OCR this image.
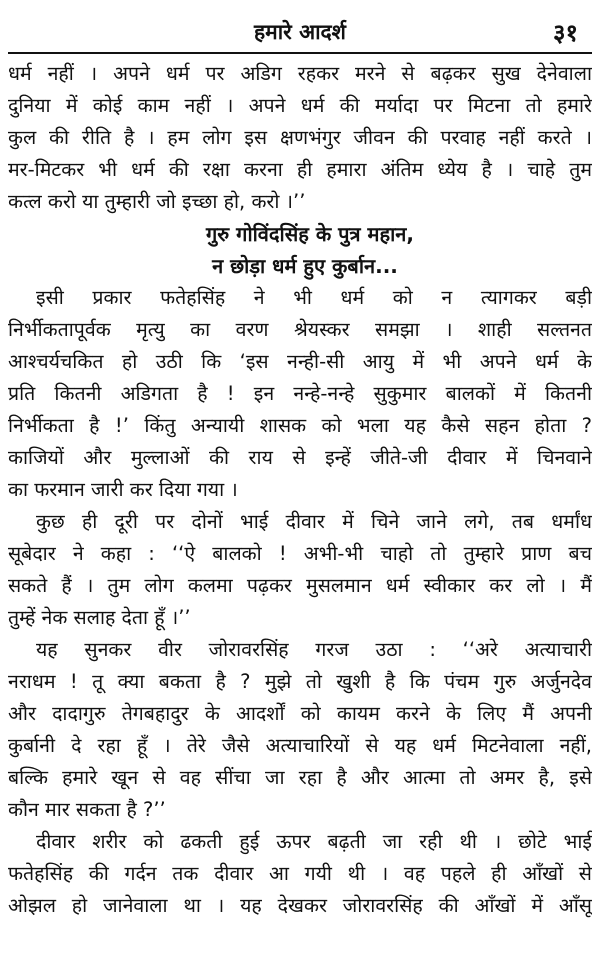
हमारे आदर्श	३१
धर्म नहीं । अपने धर्म पर अडिग रहकर मरने से बढ़कर सुख देनेवाला
दुनिया में कोई काम नहीं । अपने धर्म की मर्यादा पर मिटना तो हमारे
कुल की रीति है । हम लोग इस क्षणभंगुर जीवन की परवाह नहीं करते ।
मर-मिटकर भी धर्म की रक्षा करना ही हमारा अंतिम ध्येय है । चाहे तुम
कत्ल करो या तुम्हारी जो इच्छा हो, करो ।’’
गुरु गोविंदसिंह के पुत्र महान,
न छोड़ा धर्म हुए कुर्बान...
इसी प्रकार फतेहसिंह ने भी धर्म को न त्यागकर बड़ी
निर्भीकतापूर्वक मृत्यु का वरण श्रेयस्कर समझा । शाही सल्तनत
आश्चर्यचकित हो उठी कि ‘इस नन्ही-सी आयु में भी अपने धर्म के
प्रति कितनी अडिगता है ! इन नन्हे-नन्हे सुकुमार बालकों में कितनी
निर्भीकता है !’ किंतु अन्यायी शासक को भला यह कैसे सहन होता ?
काजियों और मुल्लाओं की राय से इन्हें जीते-जी दीवार में चिनवाने
का फरमान जारी कर दिया गया ।
कुछ ही दूरी पर दोनों भाई दीवार में चिने जाने लगे, तब धर्मांध
सूबेदार ने कहा : ‘‘ऐ बालको ! अभी-भी चाहो तो तुम्हारे प्राण बच
सकते हैं । तुम लोग कलमा पढ़कर मुसलमान धर्म स्वीकार कर लो । मैं
तुम्हें नेक सलाह देता हूँ ।’’
यह सुनकर वीर जोरावरसिंह गरज उठा : ‘‘अरे अत्याचारी
नराधम ! तू क्या बकता है ? मुझे तो खुशी है कि पंचम गुरु अर्जुनदेव
और दादागुरु तेगबहादुर के आदर्शों को कायम करने के लिए मैं अपनी
कुर्बानी दे रहा हूँ । तेरे जैसे अत्याचारियों से यह धर्म मिटनेवाला नहीं,
बल्कि हमारे खून से वह सींचा जा रहा है और आत्मा तो अमर है, इसे
कौन मार सकता है ?’’
दीवार शरीर को ढकती हुई ऊपर बढ़ती जा रही थी । छोटे भाई
फतेहसिंह की गर्दन तक दीवार आ गयी थी । वह पहले ही आँखों से
ओझल हो जानेवाला था । यह देखकर जोरावरसिंह की आँखों में आँसू
